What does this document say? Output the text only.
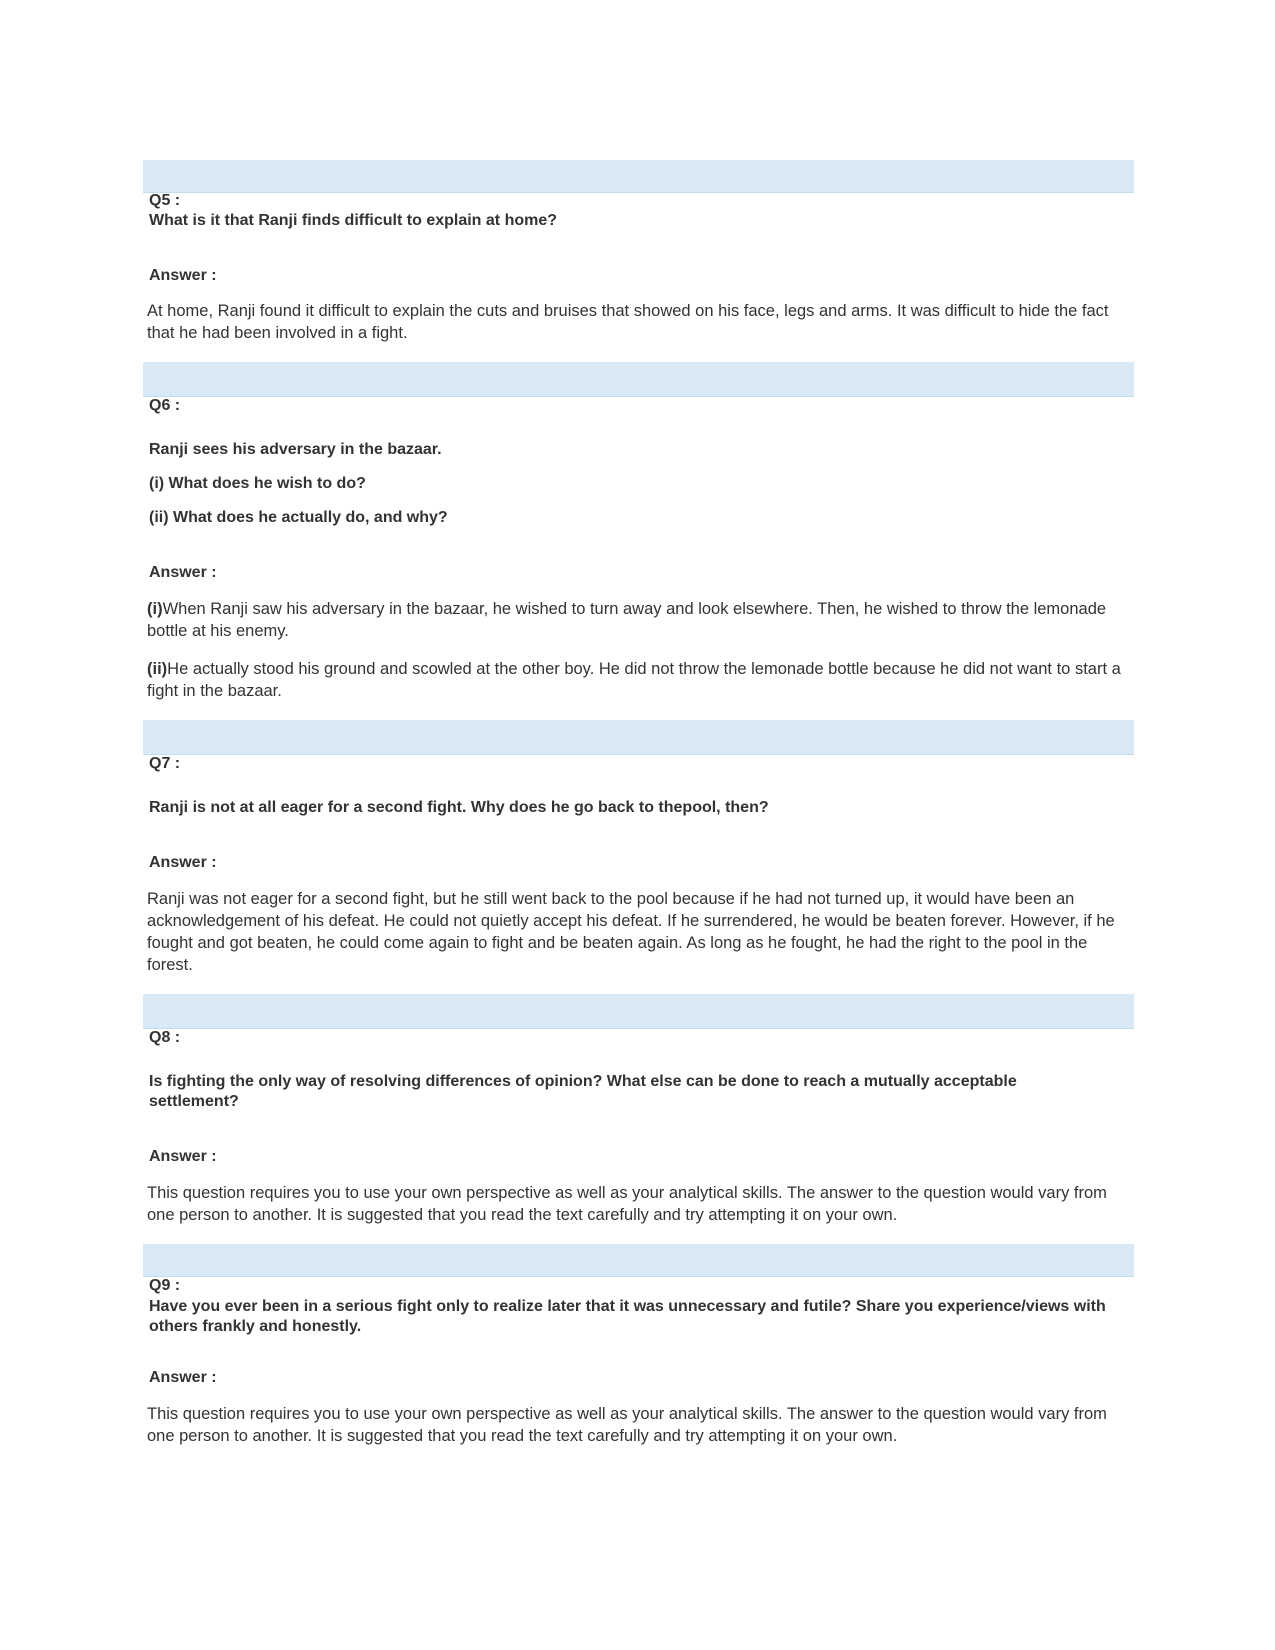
Q5 :
What is it that Ranji finds difficult to explain at home?
Answer :
At home, Ranji found it difficult to explain the cuts and bruises that showed on his face, legs and arms. It was difficult to hide the fact that he had been involved in a fight.
Q6 :
Ranji sees his adversary in the bazaar.
(i) What does he wish to do?
(ii) What does he actually do, and why?
Answer :
(i)When Ranji saw his adversary in the bazaar, he wished to turn away and look elsewhere. Then, he wished to throw the lemonade bottle at his enemy.
(ii)He actually stood his ground and scowled at the other boy. He did not throw the lemonade bottle because he did not want to start a fight in the bazaar.
Q7 :
Ranji is not at all eager for a second fight. Why does he go back to thepool, then?
Answer :
Ranji was not eager for a second fight, but he still went back to the pool because if he had not turned up, it would have been an acknowledgement of his defeat. He could not quietly accept his defeat. If he surrendered, he would be beaten forever. However, if he fought and got beaten, he could come again to fight and be beaten again. As long as he fought, he had the right to the pool in the forest.
Q8 :
Is fighting the only way of resolving differences of opinion? What else can be done to reach a mutually acceptable settlement?
Answer :
This question requires you to use your own perspective as well as your analytical skills. The answer to the question would vary from one person to another. It is suggested that you read the text carefully and try attempting it on your own.
Q9 :
Have you ever been in a serious fight only to realize later that it was unnecessary and futile? Share you experience/views with others frankly and honestly.
Answer :
This question requires you to use your own perspective as well as your analytical skills. The answer to the question would vary from one person to another. It is suggested that you read the text carefully and try attempting it on your own.
